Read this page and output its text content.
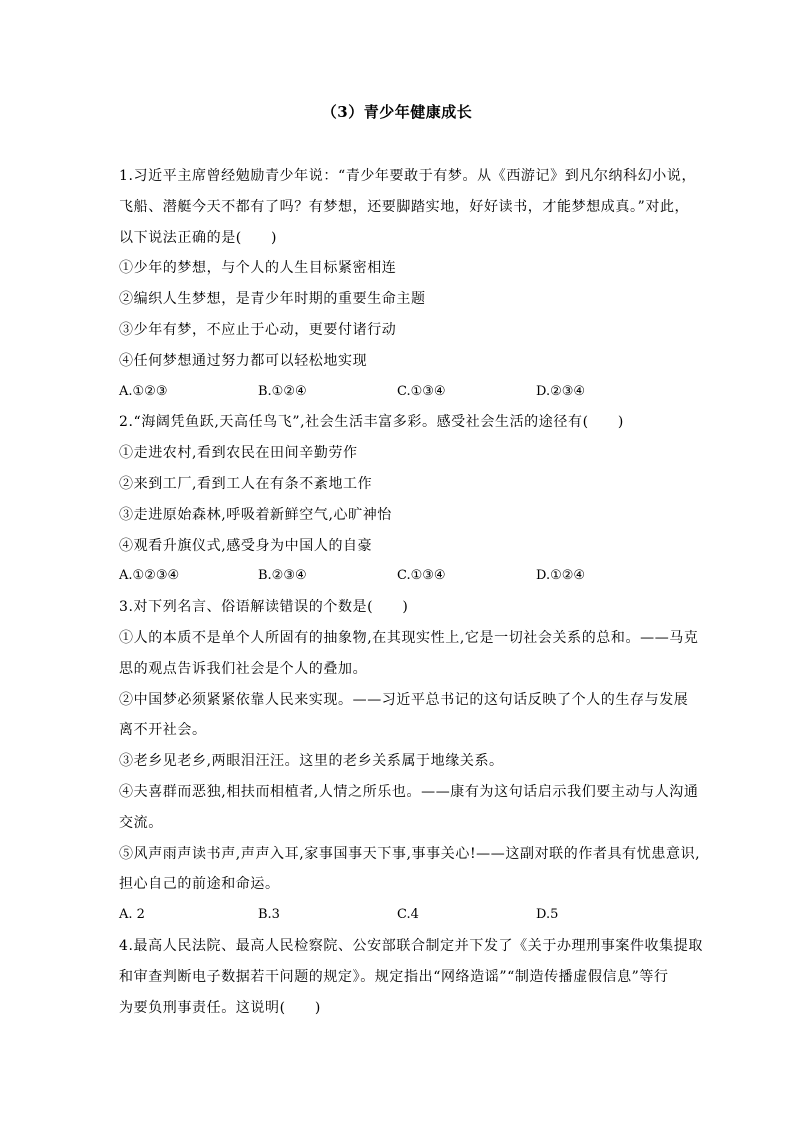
（3）青少年健康成长
1.习近平主席曾经勉励青少年说：“青少年要敢于有梦。从《西游记》到凡尔纳科幻小说，
飞船、潜艇今天不都有了吗？有梦想，还要脚踏实地，好好读书，才能梦想成真。”对此，
以下说法正确的是(　　)
①少年的梦想，与个人的人生目标紧密相连
②编织人生梦想，是青少年时期的重要生命主题
③少年有梦，不应止于心动，更要付诸行动
④任何梦想通过努力都可以轻松地实现
A.①②③	B.①②④	C.①③④	D.②③④
2.“海阔凭鱼跃,天高任鸟飞”,社会生活丰富多彩。感受社会生活的途径有(　　)
①走进农村,看到农民在田间辛勤劳作
②来到工厂,看到工人在有条不紊地工作
③走进原始森林,呼吸着新鲜空气,心旷神怡
④观看升旗仪式,感受身为中国人的自豪
A.①②③④	B.②③④	C.①③④	D.①②④
3.对下列名言、俗语解读错误的个数是(　　)
①人的本质不是单个人所固有的抽象物,在其现实性上,它是一切社会关系的总和。——马克
思的观点告诉我们社会是个人的叠加。
②中国梦必须紧紧依靠人民来实现。——习近平总书记的这句话反映了个人的生存与发展
离不开社会。
③老乡见老乡,两眼泪汪汪。这里的老乡关系属于地缘关系。
④夫喜群而恶独,相扶而相植者,人情之所乐也。——康有为这句话启示我们要主动与人沟通
交流。
⑤风声雨声读书声,声声入耳,家事国事天下事,事事关心!——这副对联的作者具有忧患意识,
担心自己的前途和命运。
A. 2	B.3	C.4	D.5
4.最高人民法院、最高人民检察院、公安部联合制定并下发了《关于办理刑事案件收集提取
和审查判断电子数据若干问题的规定》。规定指出“网络造谣”“制造传播虚假信息”等行
为要负刑事责任。这说明(　　)
